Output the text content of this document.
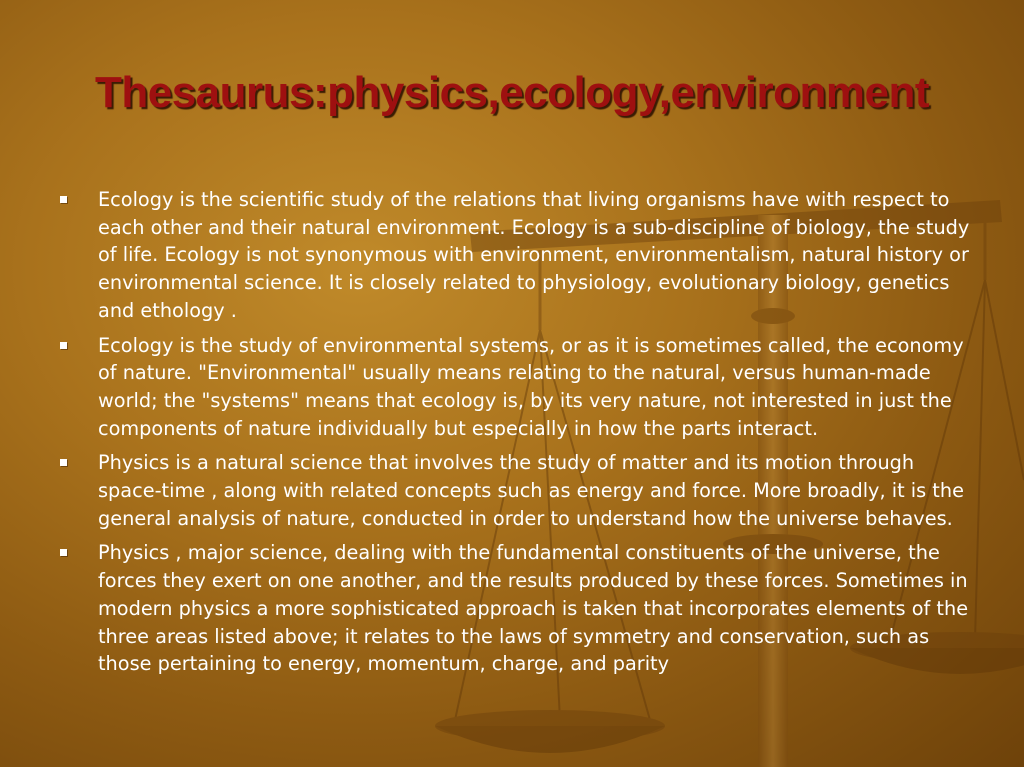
Thesaurus:physics,ecology,environment
Ecology is the scientific study of the relations that living organisms have with respect to each other and their natural environment. Ecology is a sub-discipline of biology, the study of life. Ecology is not synonymous with environment, environmentalism, natural history or environmental science. It is closely related to physiology, evolutionary biology, genetics and ethology .
Ecology is the study of environmental systems, or as it is sometimes called, the economy of nature. "Environmental" usually means relating to the natural, versus human-made world; the "systems" means that ecology is, by its very nature, not interested in just the components of nature individually but especially in how the parts interact.
Physics is a natural science that involves the study of matter and its motion through space-time , along with related concepts such as energy and force. More broadly, it is the general analysis of nature, conducted in order to understand how the universe behaves.
Physics , major science, dealing with the fundamental constituents of the universe, the forces they exert on one another, and the results produced by these forces. Sometimes in modern physics a more sophisticated approach is taken that incorporates elements of the three areas listed above; it relates to the laws of symmetry and conservation, such as those pertaining to energy, momentum, charge, and parity
